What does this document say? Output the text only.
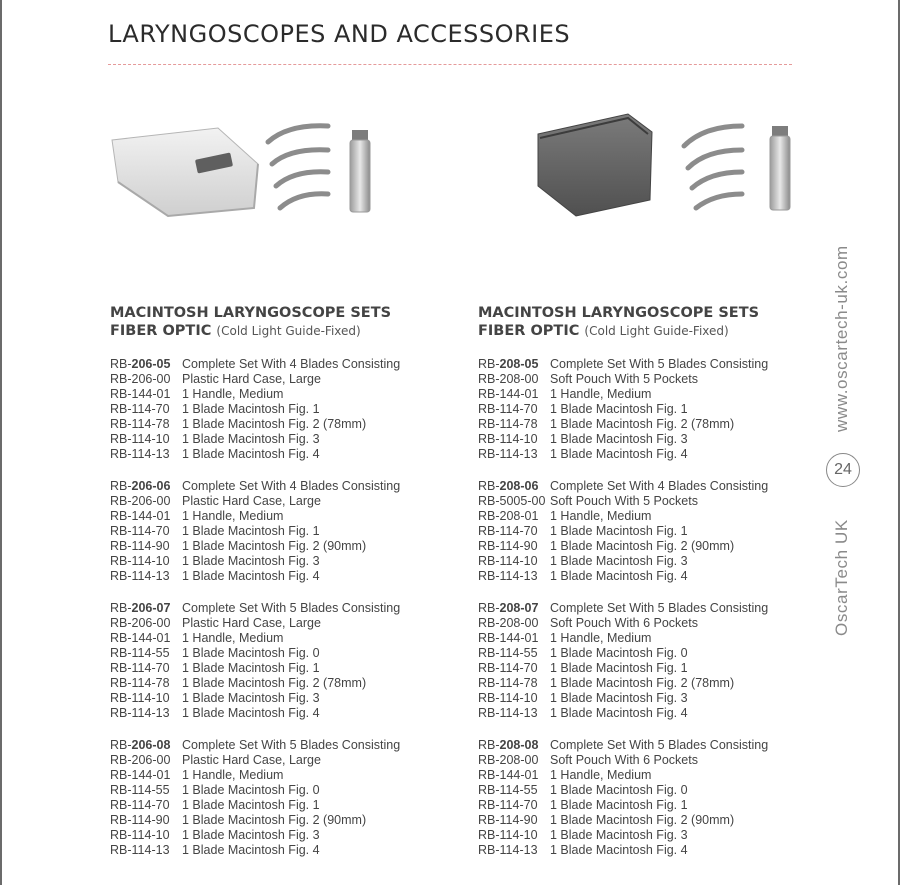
LARYNGOSCOPES AND ACCESSORIES
MACINTOSH LARYNGOSCOPE SETS
FIBER OPTIC (Cold Light Guide-Fixed)
RB-206-05 Complete Set With 4 Blades Consisting
RB-206-00 Plastic Hard Case, Large
RB-144-01 1 Handle, Medium
RB-114-70 1 Blade Macintosh Fig. 1
RB-114-78 1 Blade Macintosh Fig. 2 (78mm)
RB-114-10 1 Blade Macintosh Fig. 3
RB-114-13 1 Blade Macintosh Fig. 4
RB-206-06 Complete Set With 4 Blades Consisting
RB-206-00 Plastic Hard Case, Large
RB-144-01 1 Handle, Medium
RB-114-70 1 Blade Macintosh Fig. 1
RB-114-90 1 Blade Macintosh Fig. 2 (90mm)
RB-114-10 1 Blade Macintosh Fig. 3
RB-114-13 1 Blade Macintosh Fig. 4
RB-206-07 Complete Set With 5 Blades Consisting
RB-206-00 Plastic Hard Case, Large
RB-144-01 1 Handle, Medium
RB-114-55 1 Blade Macintosh Fig. 0
RB-114-70 1 Blade Macintosh Fig. 1
RB-114-78 1 Blade Macintosh Fig. 2 (78mm)
RB-114-10 1 Blade Macintosh Fig. 3
RB-114-13 1 Blade Macintosh Fig. 4
RB-206-08 Complete Set With 5 Blades Consisting
RB-206-00 Plastic Hard Case, Large
RB-144-01 1 Handle, Medium
RB-114-55 1 Blade Macintosh Fig. 0
RB-114-70 1 Blade Macintosh Fig. 1
RB-114-90 1 Blade Macintosh Fig. 2 (90mm)
RB-114-10 1 Blade Macintosh Fig. 3
RB-114-13 1 Blade Macintosh Fig. 4
MACINTOSH LARYNGOSCOPE SETS
FIBER OPTIC (Cold Light Guide-Fixed)
RB-208-05 Complete Set With 5 Blades Consisting
RB-208-00 Soft Pouch With 5 Pockets
RB-144-01 1 Handle, Medium
RB-114-70 1 Blade Macintosh Fig. 1
RB-114-78 1 Blade Macintosh Fig. 2 (78mm)
RB-114-10 1 Blade Macintosh Fig. 3
RB-114-13 1 Blade Macintosh Fig. 4
RB-208-06 Complete Set With 4 Blades Consisting
RB-5005-00 Soft Pouch With 5 Pockets
RB-208-01 1 Handle, Medium
RB-114-70 1 Blade Macintosh Fig. 1
RB-114-90 1 Blade Macintosh Fig. 2 (90mm)
RB-114-10 1 Blade Macintosh Fig. 3
RB-114-13 1 Blade Macintosh Fig. 4
RB-208-07 Complete Set With 5 Blades Consisting
RB-208-00 Soft Pouch With 6 Pockets
RB-144-01 1 Handle, Medium
RB-114-55 1 Blade Macintosh Fig. 0
RB-114-70 1 Blade Macintosh Fig. 1
RB-114-78 1 Blade Macintosh Fig. 2 (78mm)
RB-114-10 1 Blade Macintosh Fig. 3
RB-114-13 1 Blade Macintosh Fig. 4
RB-208-08 Complete Set With 5 Blades Consisting
RB-208-00 Soft Pouch With 6 Pockets
RB-144-01 1 Handle, Medium
RB-114-55 1 Blade Macintosh Fig. 0
RB-114-70 1 Blade Macintosh Fig. 1
RB-114-90 1 Blade Macintosh Fig. 2 (90mm)
RB-114-10 1 Blade Macintosh Fig. 3
RB-114-13 1 Blade Macintosh Fig. 4
www.oscartech-uk.com
24
OscarTech UK
